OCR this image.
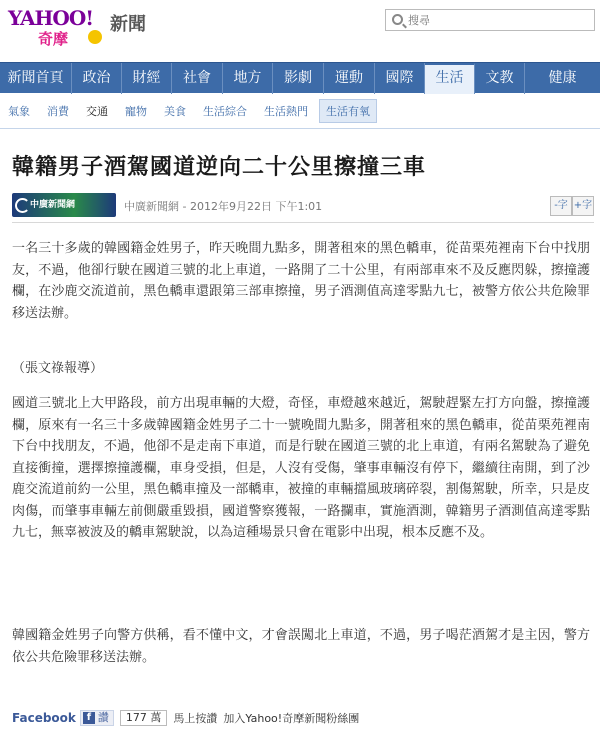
YAHOO!
奇摩
新聞
搜尋
新聞首頁	政治	財經	社會	地方	影劇	運動	國際	生活	文教	健康
氣象 消費 交通 寵物 美食 生活綜合 生活熱門	生活有氧
韓籍男子酒駕國道逆向二十公里擦撞三車
中廣新聞網	中廣新聞網 - 2012年9月22日 下午1:01	-字 +字

一名三十多歲的韓國籍金姓男子，昨天晚間九點多，開著租來的黑色轎車，從苗栗苑裡南下台中找朋友，不過，他卻行駛在國道三號的北上車道，一路開了二十公里，有兩部車來不及反應閃躲，擦撞護欄，在沙鹿交流道前，黑色轎車還跟第三部車擦撞，男子酒測值高達零點九七，被警方依公共危險罪移送法辦。

（張文祿報導）

國道三號北上大甲路段，前方出現車輛的大燈，奇怪，車燈越來越近，駕駛趕緊左打方向盤，擦撞護欄，原來有一名三十多歲韓國籍金姓男子二十一號晚間九點多，開著租來的黑色轎車，從苗栗苑裡南下台中找朋友，不過，他卻不是走南下車道，而是行駛在國道三號的北上車道，有兩名駕駛為了避免直接衝撞，選擇擦撞護欄，車身受損，但是，人沒有受傷，肇事車輛沒有停下，繼續往南開，到了沙鹿交流道前約一公里，黑色轎車撞及一部轎車，被撞的車輛擋風玻璃碎裂，割傷駕駛，所幸，只是皮肉傷，而肇事車輛左前側嚴重毀損，國道警察獲報，一路攔車，實施酒測，韓籍男子酒測值高達零點九七，無辜被波及的轎車駕駛說，以為這種場景只會在電影中出現，根本反應不及。

韓國籍金姓男子向警方供稱，看不懂中文，才會誤闖北上車道，不過，男子喝茫酒駕才是主因，警方依公共危險罪移送法辦。

Facebook	f 讚	177 萬	馬上按讚 加入Yahoo!奇摩新聞粉絲團
